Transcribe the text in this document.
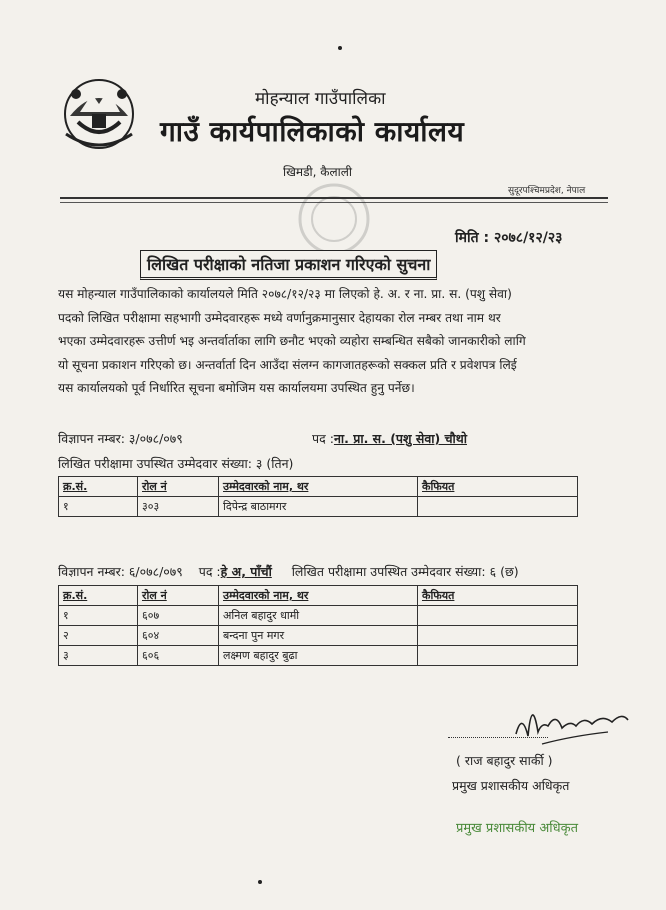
मोहन्याल गाउँपालिका
गाउँ कार्यपालिकाको कार्यालय
खिमडी, कैलाली
सुदूरपश्चिमप्रदेश, नेपाल
मिति : २०७८/१२/२३
लिखित परीक्षाको नतिजा प्रकाशन गरिएको सुचना
यस मोहन्याल गाउँपालिकाको कार्यालयले मिति २०७८/१२/२३ मा लिएको हे. अ. र ना. प्रा. स. (पशु सेवा)
पदको लिखित परीक्षामा सहभागी उम्मेदवारहरू मध्ये वर्णानुक्रमानुसार देहायका रोल नम्बर तथा नाम थर
भएका उम्मेदवारहरू उत्तीर्ण भइ अन्तर्वार्ताका लागि छनौट भएको व्यहोरा सम्बन्धित सबैको जानकारीको लागि
यो सूचना प्रकाशन गरिएको छ। अन्तर्वार्ता दिन आउँदा संलग्न कागजातहरूको सक्कल प्रति र प्रवेशपत्र लिई
यस कार्यालयको पूर्व निर्धारित सूचना बमोजिम यस कार्यालयमा उपस्थित हुनु पर्नेछ।
विज्ञापन नम्बर: ३/०७८/०७९	पद :ना. प्रा. स. (पशु सेवा) चौथो
लिखित परीक्षामा उपस्थित उम्मेदवार संख्या: ३ (तिन)
क्र.सं.	रोल नं	उम्मेदवारको नाम, थर	कैफियत
१	३०३	दिपेन्द्र बाठामगर	
विज्ञापन नम्बर: ६/०७८/०७९ पद :हे अ, पाँचौं लिखित परीक्षामा उपस्थित उम्मेदवार संख्या: ६ (छ)
क्र.सं.	रोल नं	उम्मेदवारको नाम, थर	कैफियत
१	६०७	अनिल बहादुर धामी	
२	६०४	बन्दना पुन मगर	
३	६०६	लक्ष्मण बहादुर बुढा	
( राज बहादुर सार्की )
प्रमुख प्रशासकीय अधिकृत
प्रमुख प्रशासकीय अधिकृत
